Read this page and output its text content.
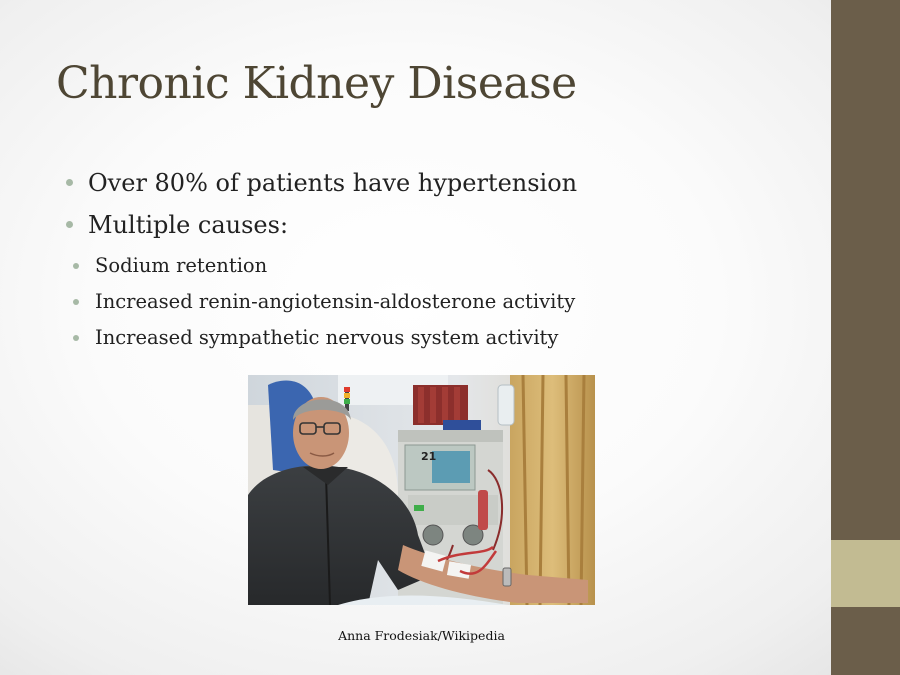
Chronic Kidney Disease
Over 80% of patients have hypertension
Multiple causes:
Sodium retention
Increased renin-angiotensin-aldosterone activity
Increased sympathetic nervous system activity
21
Anna Frodesiak/Wikipedia
